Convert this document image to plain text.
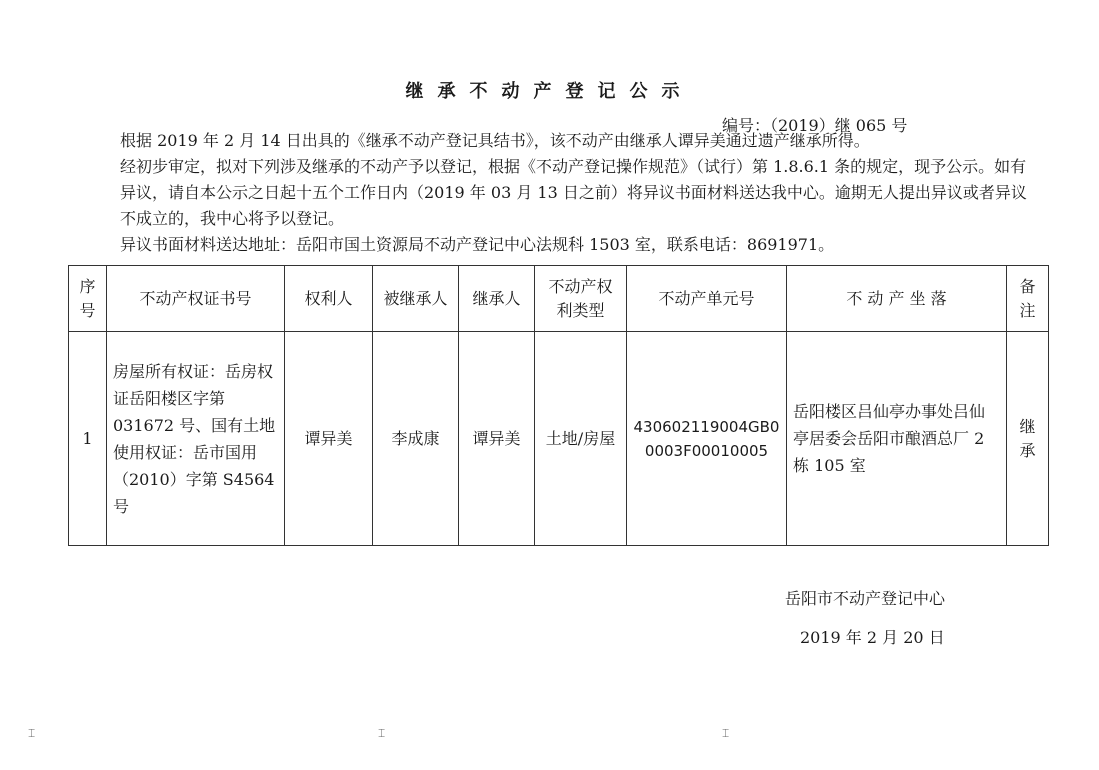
继承不动产登记公示
编号：（2019）继 065 号
根据 2019 年 2 月 14 日出具的《继承不动产登记具结书》，该不动产由继承人谭异美通过遗产继承所得。
经初步审定，拟对下列涉及继承的不动产予以登记，根据《不动产登记操作规范》（试行）第 1.8.6.1 条的规定，现予公示。如有异议，请自本公示之日起十五个工作日内（2019 年 03 月 13 日之前）将异议书面材料送达我中心。逾期无人提出异议或者异议不成立的，我中心将予以登记。
异议书面材料送达地址：岳阳市国土资源局不动产登记中心法规科 1503 室，联系电话：8691971。
序号	不动产权证书号	权利人	被继承人	继承人	不动产权利类型	不动产单元号	不 动 产 坐 落	备注
1	房屋所有权证：岳房权证岳阳楼区字第 031672 号、国有土地使用权证：岳市国用（2010）字第 S4564 号	谭异美	李成康	谭异美	土地/房屋	430602119004GB00003F00010005	岳阳楼区吕仙亭办事处吕仙亭居委会岳阳市酿酒总厂 2 栋 105 室	继承
岳阳市不动产登记中心
2019 年 2 月 20 日
⌶	⌶	⌶
